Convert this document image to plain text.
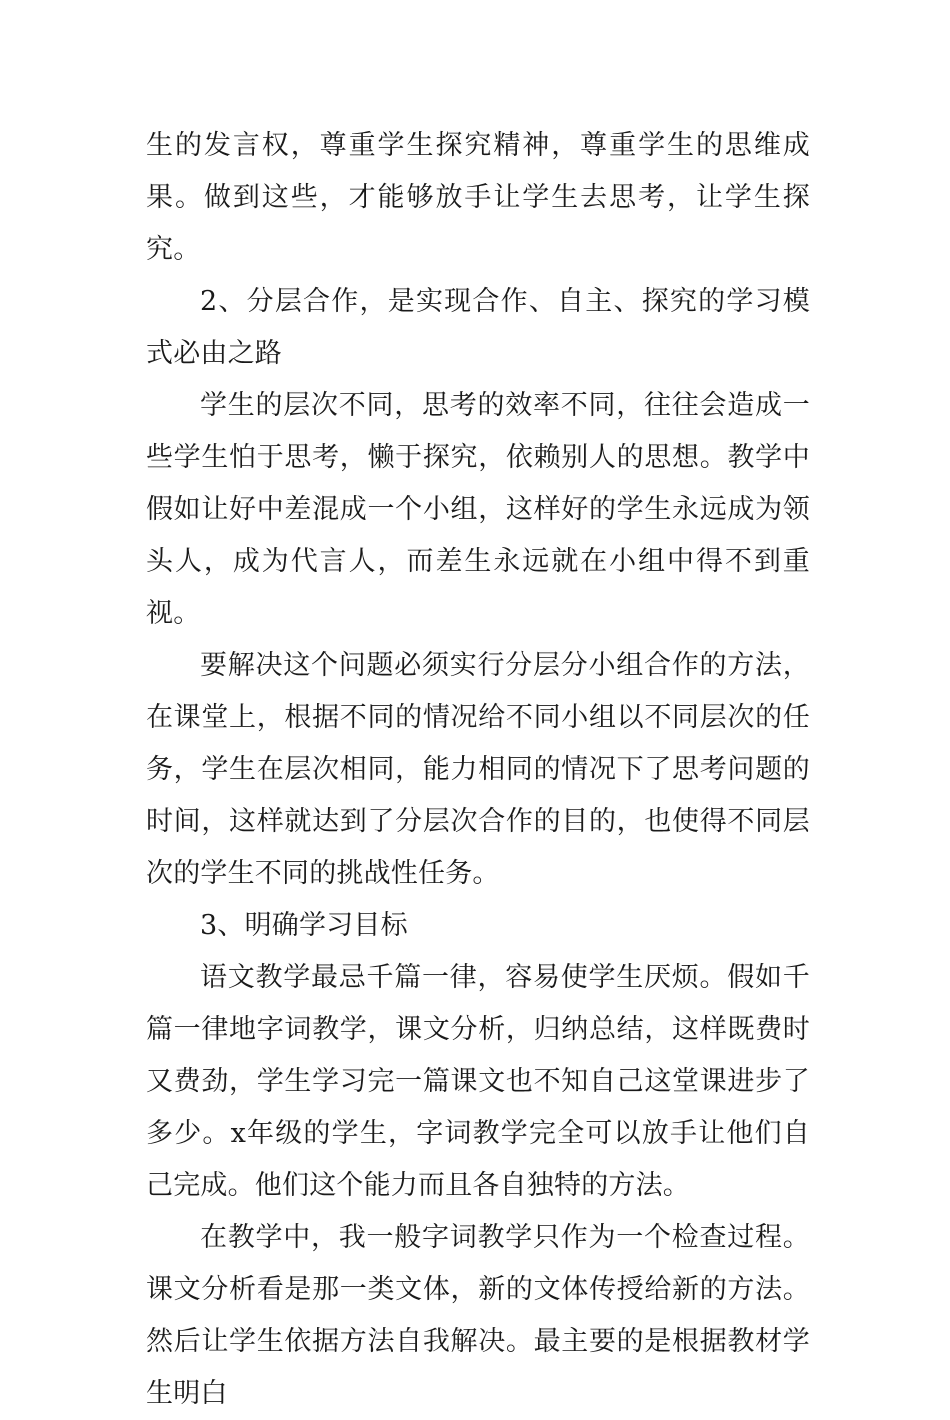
生的发言权，尊重学生探究精神，尊重学生的思维成果。做到这些，才能够放手让学生去思考，让学生探究。

2、分层合作，是实现合作、自主、探究的学习模式必由之路

学生的层次不同，思考的效率不同，往往会造成一些学生怕于思考，懒于探究，依赖别人的思想。教学中假如让好中差混成一个小组，这样好的学生永远成为领头人，成为代言人，而差生永远就在小组中得不到重视。

要解决这个问题必须实行分层分小组合作的方法，在课堂上，根据不同的情况给不同小组以不同层次的任务，学生在层次相同，能力相同的情况下了思考问题的时间，这样就达到了分层次合作的目的，也使得不同层次的学生不同的挑战性任务。

3、明确学习目标

语文教学最忌千篇一律，容易使学生厌烦。假如千篇一律地字词教学，课文分析，归纳总结，这样既费时又费劲，学生学习完一篇课文也不知自己这堂课进步了多少。x年级的学生，字词教学完全可以放手让他们自己完成。他们这个能力而且各自独特的方法。

在教学中，我一般字词教学只作为一个检查过程。课文分析看是那一类文体，新的文体传授给新的方法。然后让学生依据方法自我解决。最主要的是根据教材学生明白
